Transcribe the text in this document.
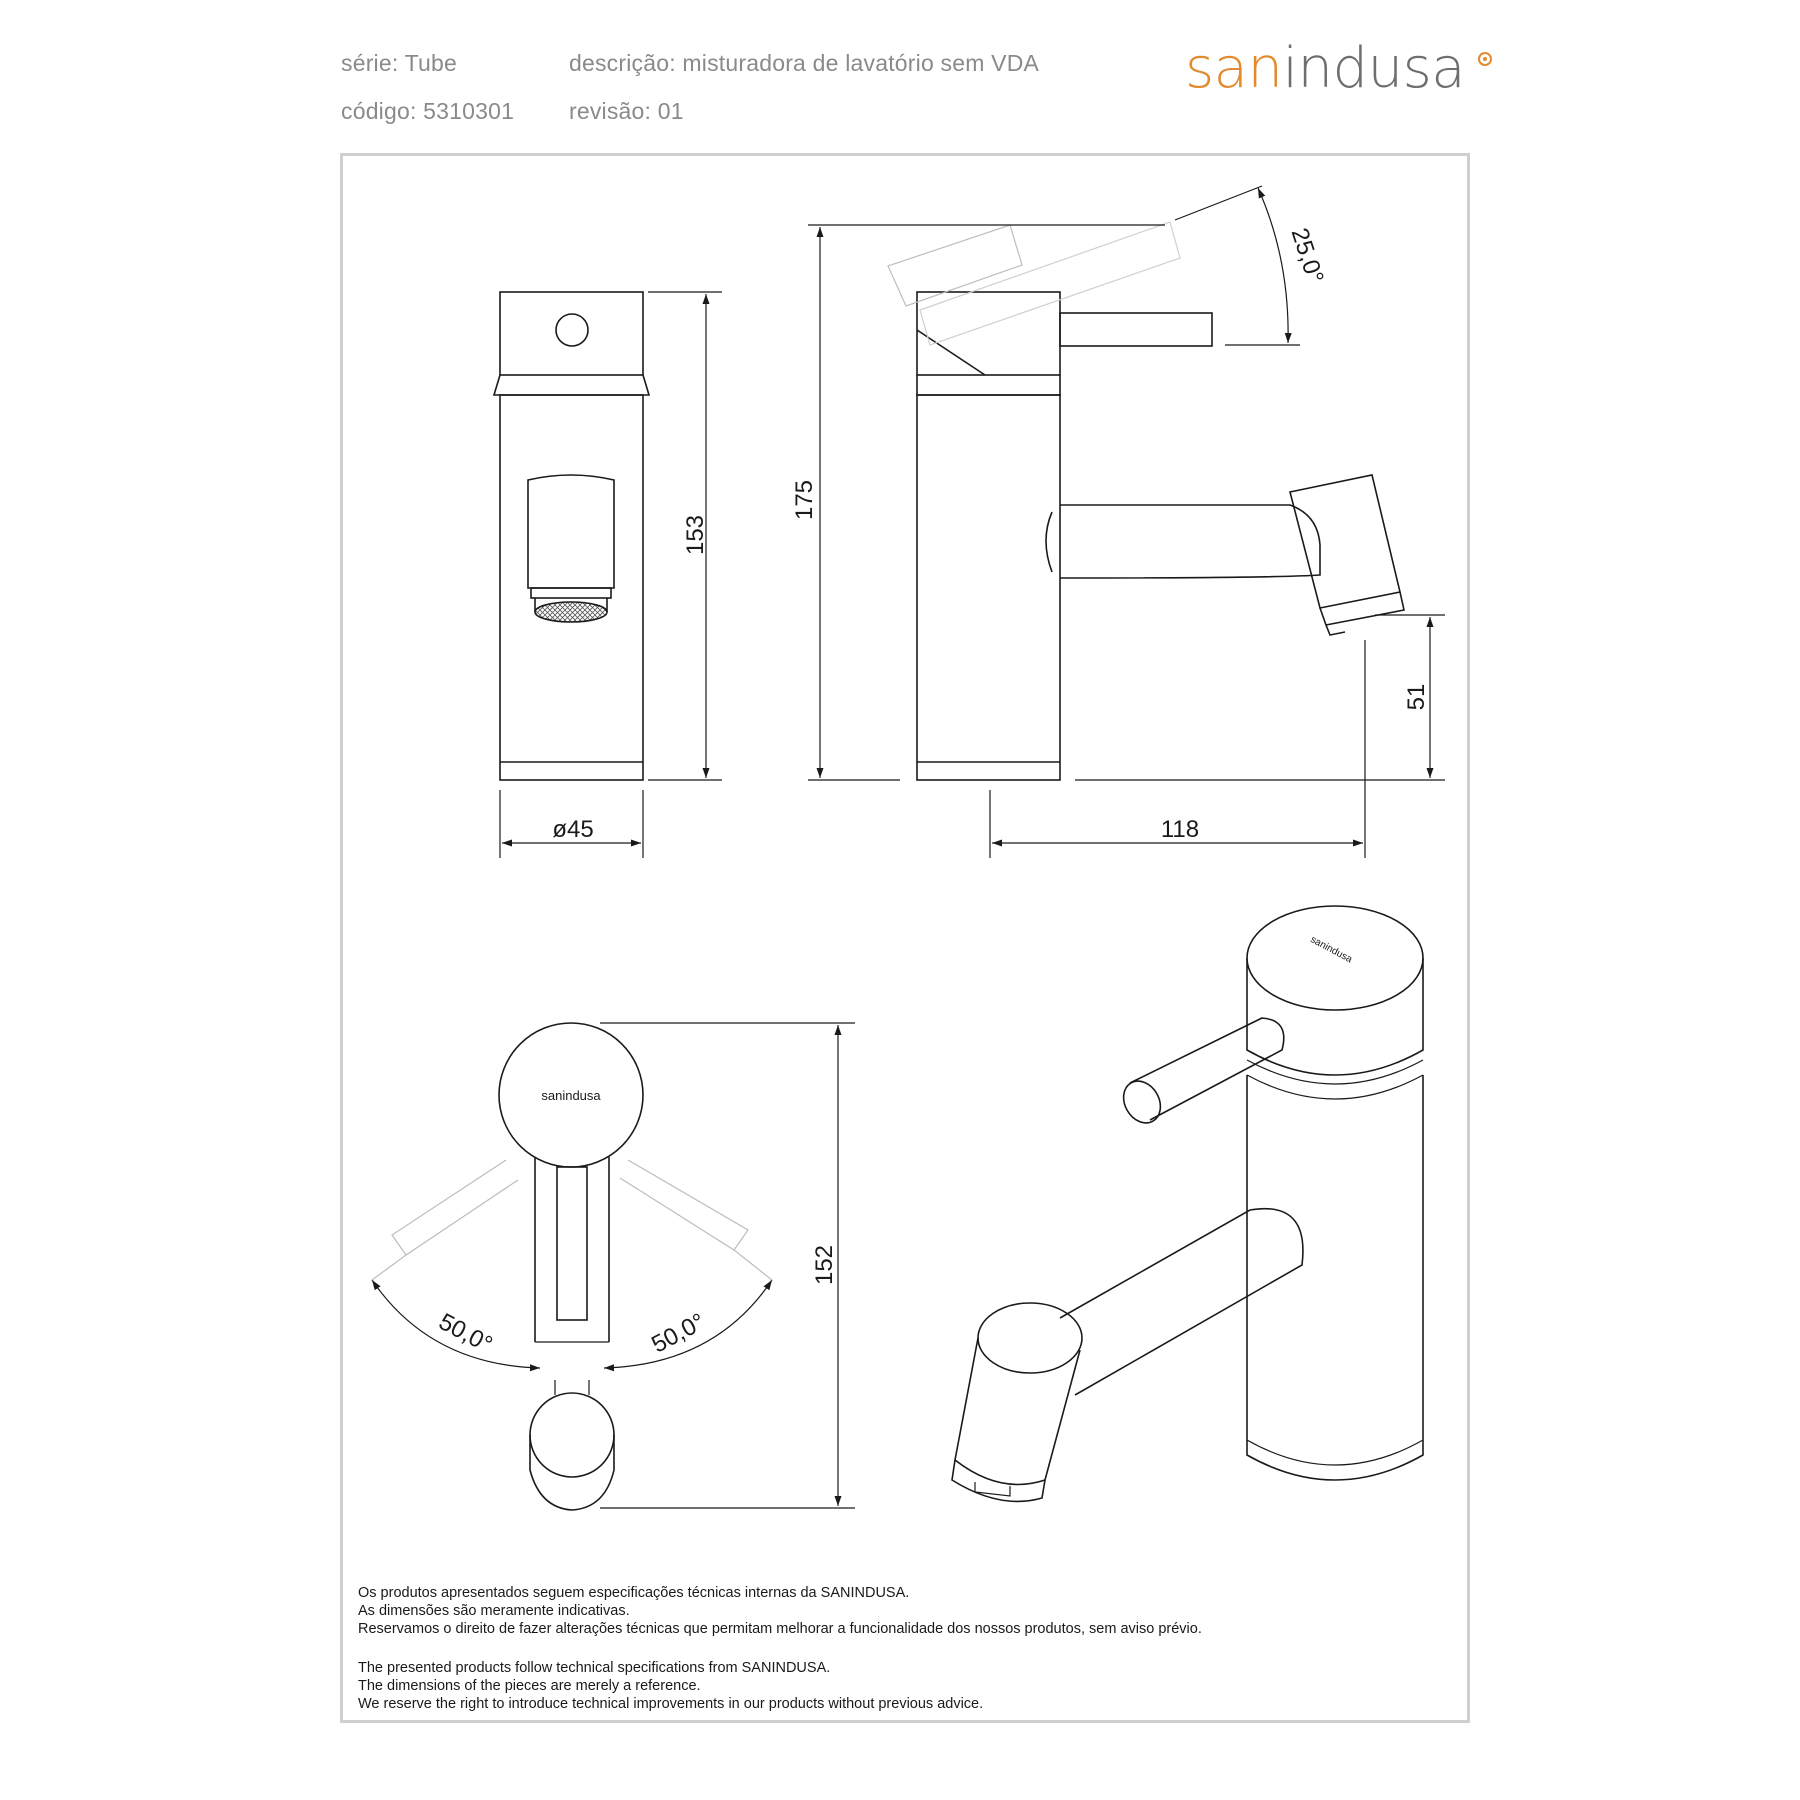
série: Tube
código: 5310301
descrição: misturadora de lavatório sem VDA
revisão: 01
sanindusa
153
175
ø45	118
51
25,0°
152
50,0°	50,0°
sanindusa
sanindusa
Os produtos apresentados seguem especificações técnicas internas da SANINDUSA.
As dimensões são meramente indicativas.
Reservamos o direito de fazer alterações técnicas que permitam melhorar a funcionalidade dos nossos produtos, sem aviso prévio.
The presented products follow technical specifications from SANINDUSA.
The dimensions of the pieces are merely a reference.
We reserve the right to introduce technical improvements in our products without previous advice.
